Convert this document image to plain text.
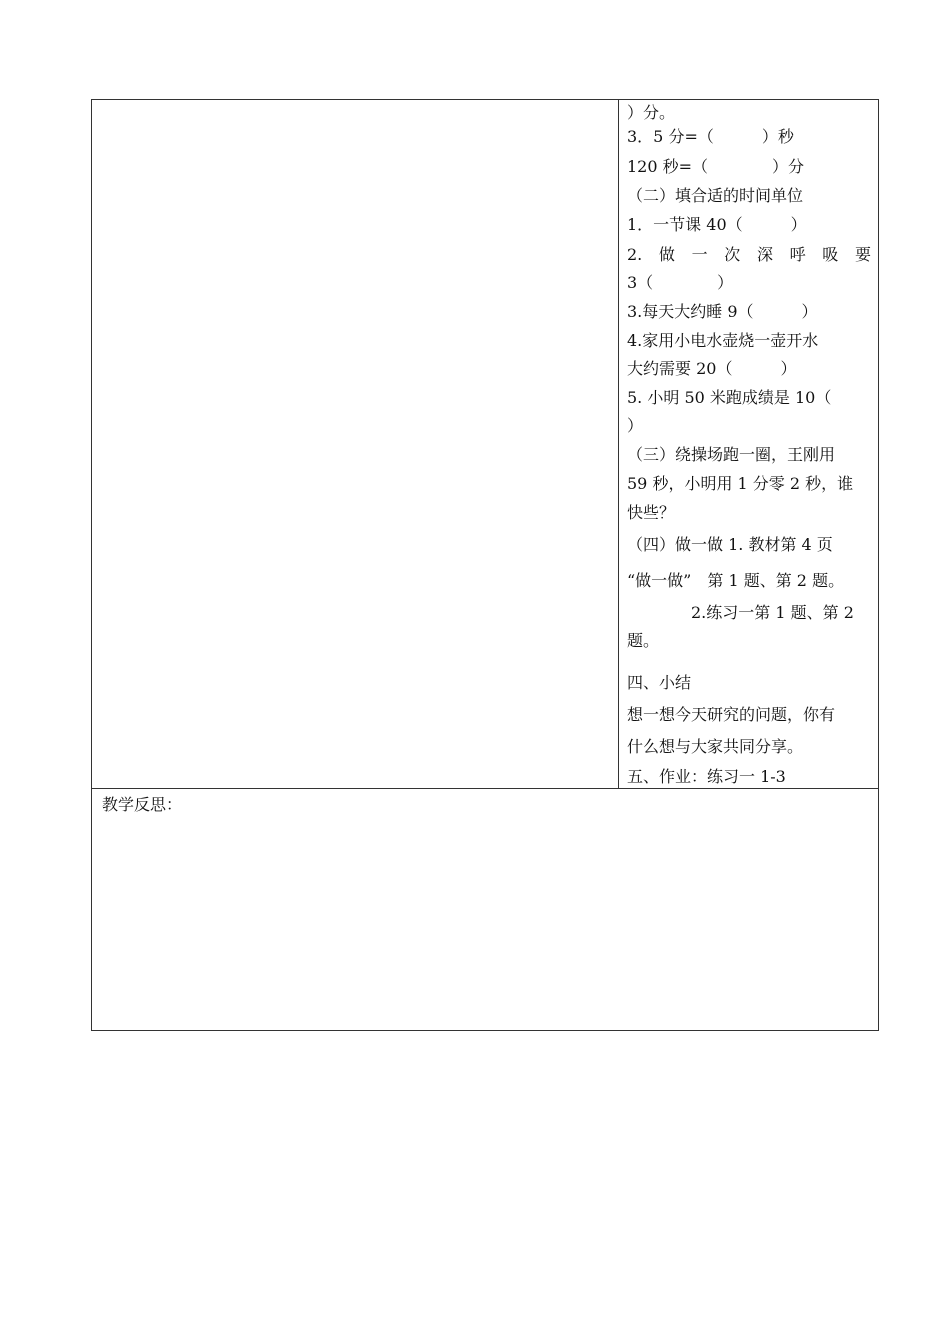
）分。
3．5 分=（　　　）秒
120 秒=（　　　　）分
（二）填合适的时间单位
1．一节课 40（　　　）
2. 做 一 次 深 呼 吸 要
3（　　　　）
3.每天大约睡 9（　　　）
4.家用小电水壶烧一壶开水
大约需要 20（　　　）
5. 小明 50 米跑成绩是 10（
）
（三）绕操场跑一圈，王刚用
59 秒，小明用 1 分零 2 秒，谁
快些？
（四）做一做 1. 教材第 4 页
“做一做”　第 1 题、第 2 题。
　　　　2.练习一第 1 题、第 2
题。
四、小结
想一想今天研究的问题，你有
什么想与大家共同分享。
五、作业：练习一 1-3
教学反思：
